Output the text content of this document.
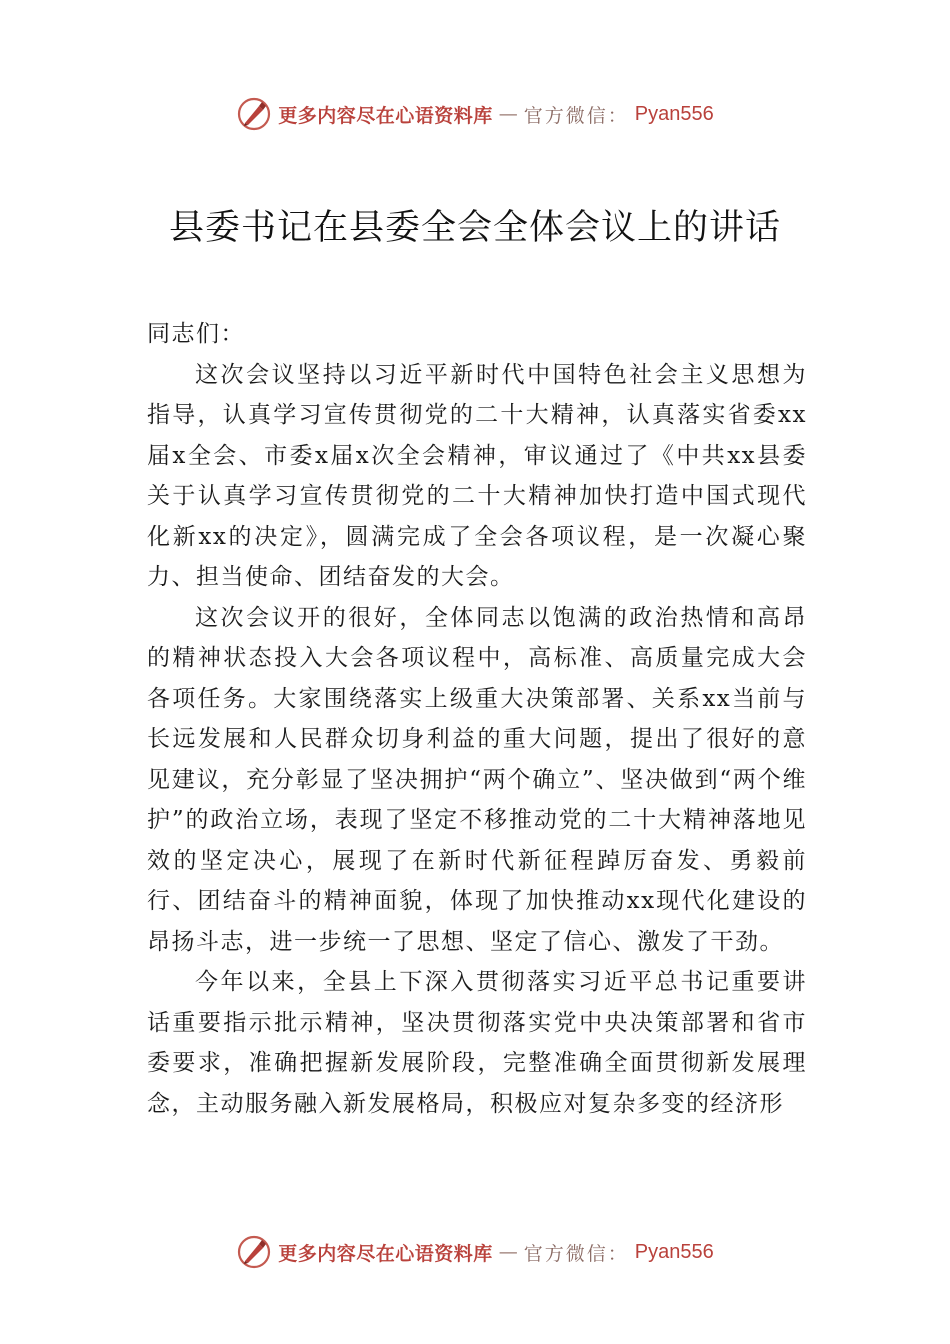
更多内容尽在心语资料库 — 官方微信： Pyan556
县委书记在县委全会全体会议上的讲话

同志们：

这次会议坚持以习近平新时代中国特色社会主义思想为指导，认真学习宣传贯彻党的二十大精神，认真落实省委xx届x全会、市委x届x次全会精神，审议通过了《中共xx县委关于认真学习宣传贯彻党的二十大精神加快打造中国式现代化新xx的决定》，圆满完成了全会各项议程，是一次凝心聚力、担当使命、团结奋发的大会。

这次会议开的很好，全体同志以饱满的政治热情和高昂的精神状态投入大会各项议程中，高标准、高质量完成大会各项任务。大家围绕落实上级重大决策部署、关系xx当前与长远发展和人民群众切身利益的重大问题，提出了很好的意见建议，充分彰显了坚决拥护“两个确立”、坚决做到“两个维护”的政治立场，表现了坚定不移推动党的二十大精神落地见效的坚定决心，展现了在新时代新征程踔厉奋发、勇毅前行、团结奋斗的精神面貌，体现了加快推动xx现代化建设的昂扬斗志，进一步统一了思想、坚定了信心、激发了干劲。

今年以来，全县上下深入贯彻落实习近平总书记重要讲话重要指示批示精神，坚决贯彻落实党中央决策部署和省市委要求，准确把握新发展阶段，完整准确全面贯彻新发展理念，主动服务融入新发展格局，积极应对复杂多变的经济形

更多内容尽在心语资料库 — 官方微信： Pyan556
